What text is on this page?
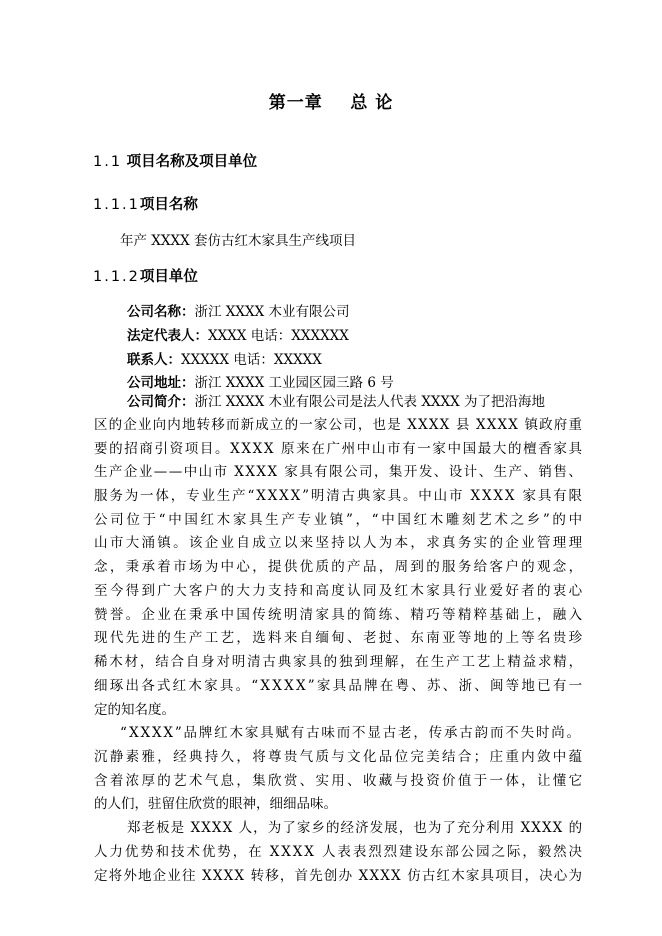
第一章    总 论
1.1 项目名称及项目单位
1.1.1项目名称
年产 XXXX 套仿古红木家具生产线项目
1.1.2项目单位
公司名称：浙江 XXXX 木业有限公司
法定代表人：XXXX 电话：XXXXXX
联系人：XXXXX 电话：XXXXX
公司地址：浙江 XXXX 工业园区园三路 6 号
公司简介：浙江 XXXX 木业有限公司是法人代表 XXXX 为了把沿海地
区的企业向内地转移而新成立的一家公司，也是 XXXX 县 XXXX 镇政府重
要的招商引资项目。XXXX 原来在广州中山市有一家中国最大的檀香家具
生产企业——中山市 XXXX 家具有限公司，集开发、设计、生产、销售、
服务为一体，专业生产“XXXX”明清古典家具。中山市 XXXX 家具有限
公司位于“中国红木家具生产专业镇”，“中国红木雕刻艺术之乡”的中
山市大涌镇。该企业自成立以来坚持以人为本，求真务实的企业管理理
念，秉承着市场为中心，提供优质的产品，周到的服务给客户的观念，
至今得到广大客户的大力支持和高度认同及红木家具行业爱好者的衷心
赞誉。企业在秉承中国传统明清家具的简练、精巧等精粹基础上，融入
现代先进的生产工艺，选料来自缅甸、老挝、东南亚等地的上等名贵珍
稀木材，结合自身对明清古典家具的独到理解，在生产工艺上精益求精，
细琢出各式红木家具。“XXXX”家具品牌在粤、苏、浙、闽等地已有一
定的知名度。
“XXXX”品牌红木家具赋有古味而不显古老，传承古韵而不失时尚。
沉静素雅，经典持久，将尊贵气质与文化品位完美结合；庄重内敛中蕴
含着浓厚的艺术气息，集欣赏、实用、收藏与投资价值于一体，让懂它
的人们，驻留住欣赏的眼神，细细品味。
郑老板是 XXXX 人，为了家乡的经济发展，也为了充分利用 XXXX 的
人力优势和技术优势，在 XXXX 人表表烈烈建设东部公园之际，毅然决
定将外地企业往 XXXX 转移，首先创办 XXXX 仿古红木家具项目，决心为
